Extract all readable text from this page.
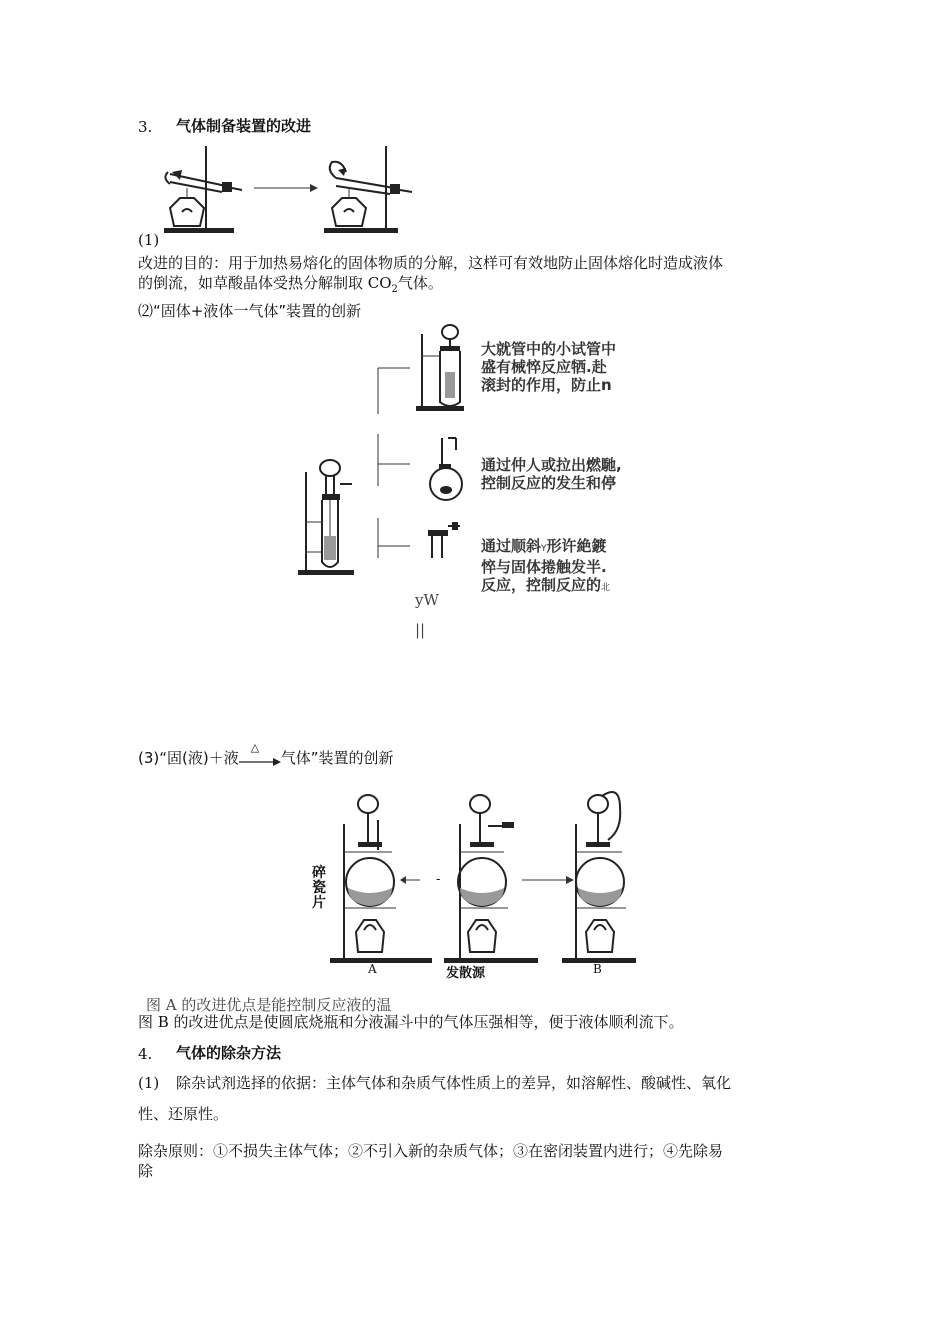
3. 气体制备装置的改进
(1)
改进的目的：用于加热易熔化的固体物质的分解，这样可有效地防止固体熔化时造成液体
的倒流，如草酸晶体受热分解制取 $CO_2$气体。
⑵“固体+液体一气体”装置的创新
大就管中的小试管中
盛有械悴反应牺.赴
滚封的作用，防止n
通过仲人或拉出燃馳,
控制反应的发生和停
通过顺斜Y形许絶鍍
悴与固体捲触发半.
反应，控制反应的北
yW
||
(3)“固(液)＋液
△
气体”装置的创新
碎瓷片
-
A	发散源	B
图 A 的改进优点是能控制反应液的温
图 B 的改进优点是使圆底烧瓶和分液漏斗中的气体压强相等，便于液体顺利流下。
4. 气体的除杂方法
(1) 除杂试剂选择的依据：主体气体和杂质气体性质上的差异，如溶解性、酸碱性、氧化
性、还原性。
除杂原则：①不损失主体气体；②不引入新的杂质气体；③在密闭装置内进行；④先除易
除
